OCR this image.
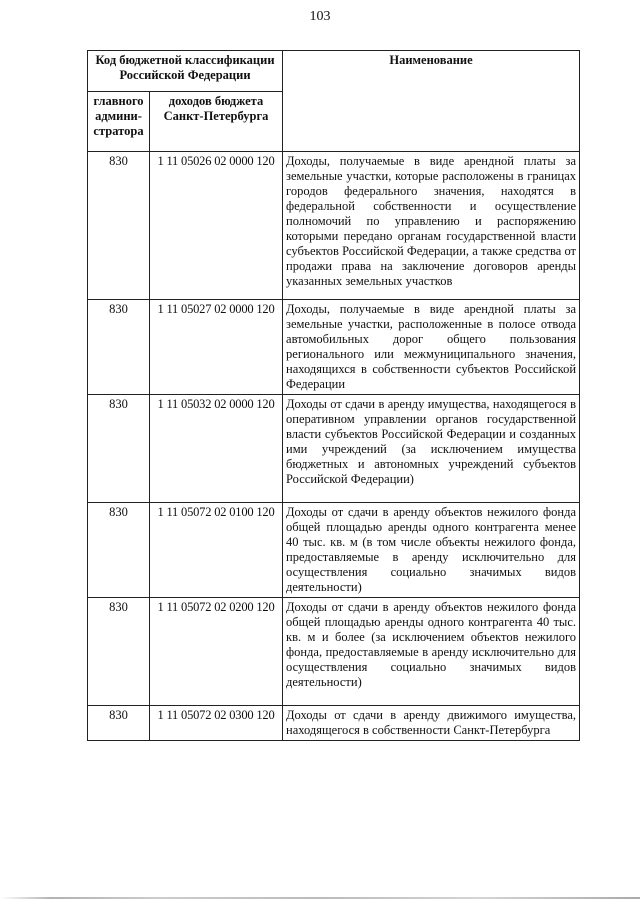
103
Код бюджетной классификации Российской Федерации		Наименование
главного админи-стратора	доходов бюджета Санкт-Петербурга	
830	1 11 05026 02 0000 120	Доходы, получаемые в виде арендной платы за земельные участки, которые расположены в границах городов федерального значения, находятся в федеральной собственности и осуществление полномочий по управлению и распоряжению которыми передано органам государственной власти субъектов Российской Федерации, а также средства от продажи права на заключение договоров аренды указанных земельных участков
830	1 11 05027 02 0000 120	Доходы, получаемые в виде арендной платы за земельные участки, расположенные в полосе отвода автомобильных дорог общего пользования регионального или межмуниципального значения, находящихся в собственности субъектов Российской Федерации
830	1 11 05032 02 0000 120	Доходы от сдачи в аренду имущества, находящегося в оперативном управлении органов государственной власти субъектов Российской Федерации и созданных ими учреждений (за исключением имущества бюджетных и автономных учреждений субъектов Российской Федерации)
830	1 11 05072 02 0100 120	Доходы от сдачи в аренду объектов нежилого фонда общей площадью аренды одного контрагента менее 40 тыс. кв. м (в том числе объекты нежилого фонда, предоставляемые в аренду исключительно для осуществления социально значимых видов деятельности)
830	1 11 05072 02 0200 120	Доходы от сдачи в аренду объектов нежилого фонда общей площадью аренды одного контрагента 40 тыс. кв. м и более (за исключением объектов нежилого фонда, предоставляемые в аренду исключительно для осуществления социально значимых видов деятельности)
830	1 11 05072 02 0300 120	Доходы от сдачи в аренду движимого имущества, находящегося в собственности Санкт-Петербурга
